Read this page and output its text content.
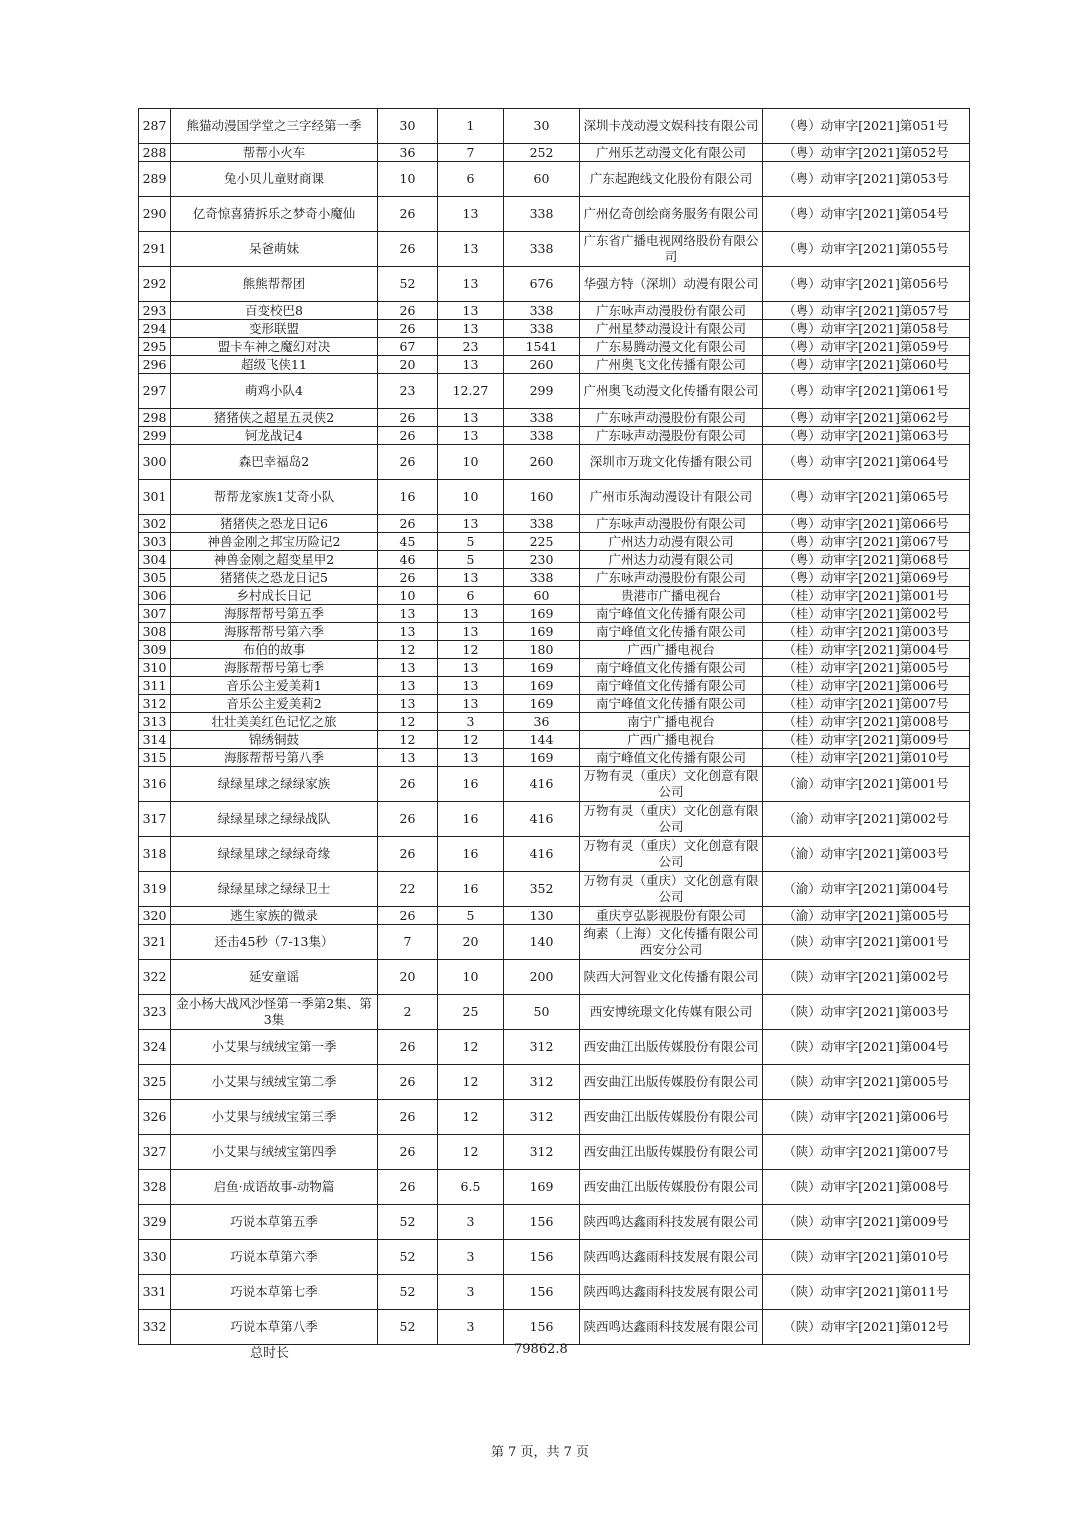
287	熊猫动漫国学堂之三字经第一季	30	1	30	深圳卡茂动漫文娱科技有限公司	（粤）动审字[2021]第051号
288	帮帮小火车	36	7	252	广州乐艺动漫文化有限公司	（粤）动审字[2021]第052号
289	兔小贝儿童财商课	10	6	60	广东起跑线文化股份有限公司	（粤）动审字[2021]第053号
290	亿奇惊喜猜拆乐之梦奇小魔仙	26	13	338	广州亿奇创绘商务服务有限公司	（粤）动审字[2021]第054号
291	呆爸萌妹	26	13	338	广东省广播电视网络股份有限公司	（粤）动审字[2021]第055号
292	熊熊帮帮团	52	13	676	华强方特（深圳）动漫有限公司	（粤）动审字[2021]第056号
293	百变校巴8	26	13	338	广东咏声动漫股份有限公司	（粤）动审字[2021]第057号
294	变形联盟	26	13	338	广州星梦动漫设计有限公司	（粤）动审字[2021]第058号
295	盟卡车神之魔幻对决	67	23	1541	广东易腾动漫文化有限公司	（粤）动审字[2021]第059号
296	超级飞侠11	20	13	260	广州奥飞文化传播有限公司	（粤）动审字[2021]第060号
297	萌鸡小队4	23	12.27	299	广州奥飞动漫文化传播有限公司	（粤）动审字[2021]第061号
298	猪猪侠之超星五灵侠2	26	13	338	广东咏声动漫股份有限公司	（粤）动审字[2021]第062号
299	钶龙战记4	26	13	338	广东咏声动漫股份有限公司	（粤）动审字[2021]第063号
300	森巴幸福岛2	26	10	260	深圳市万珑文化传播有限公司	（粤）动审字[2021]第064号
301	帮帮龙家族1艾奇小队	16	10	160	广州市乐淘动漫设计有限公司	（粤）动审字[2021]第065号
302	猪猪侠之恐龙日记6	26	13	338	广东咏声动漫股份有限公司	（粤）动审字[2021]第066号
303	神兽金刚之邦宝历险记2	45	5	225	广州达力动漫有限公司	（粤）动审字[2021]第067号
304	神兽金刚之超变星甲2	46	5	230	广州达力动漫有限公司	（粤）动审字[2021]第068号
305	猪猪侠之恐龙日记5	26	13	338	广东咏声动漫股份有限公司	（粤）动审字[2021]第069号
306	乡村成长日记	10	6	60	贵港市广播电视台	（桂）动审字[2021]第001号
307	海豚帮帮号第五季	13	13	169	南宁峰值文化传播有限公司	（桂）动审字[2021]第002号
308	海豚帮帮号第六季	13	13	169	南宁峰值文化传播有限公司	（桂）动审字[2021]第003号
309	布伯的故事	12	12	180	广西广播电视台	（桂）动审字[2021]第004号
310	海豚帮帮号第七季	13	13	169	南宁峰值文化传播有限公司	（桂）动审字[2021]第005号
311	音乐公主爱美莉1	13	13	169	南宁峰值文化传播有限公司	（桂）动审字[2021]第006号
312	音乐公主爱美莉2	13	13	169	南宁峰值文化传播有限公司	（桂）动审字[2021]第007号
313	壮壮美美红色记忆之旅	12	3	36	南宁广播电视台	（桂）动审字[2021]第008号
314	锦绣铜鼓	12	12	144	广西广播电视台	（桂）动审字[2021]第009号
315	海豚帮帮号第八季	13	13	169	南宁峰值文化传播有限公司	（桂）动审字[2021]第010号
316	绿绿星球之绿绿家族	26	16	416	万物有灵（重庆）文化创意有限公司	（渝）动审字[2021]第001号
317	绿绿星球之绿绿战队	26	16	416	万物有灵（重庆）文化创意有限公司	（渝）动审字[2021]第002号
318	绿绿星球之绿绿奇缘	26	16	416	万物有灵（重庆）文化创意有限公司	（渝）动审字[2021]第003号
319	绿绿星球之绿绿卫士	22	16	352	万物有灵（重庆）文化创意有限公司	（渝）动审字[2021]第004号
320	逃生家族的微录	26	5	130	重庆亨弘影视股份有限公司	（渝）动审字[2021]第005号
321	还击45秒（7-13集）	7	20	140	绚素（上海）文化传播有限公司西安分公司	（陕）动审字[2021]第001号
322	延安童谣	20	10	200	陕西大河智业文化传播有限公司	（陕）动审字[2021]第002号
323	金小杨大战风沙怪第一季第2集、第3集	2	25	50	西安博统璟文化传媒有限公司	（陕）动审字[2021]第003号
324	小艾果与绒绒宝第一季	26	12	312	西安曲江出版传媒股份有限公司	（陕）动审字[2021]第004号
325	小艾果与绒绒宝第二季	26	12	312	西安曲江出版传媒股份有限公司	（陕）动审字[2021]第005号
326	小艾果与绒绒宝第三季	26	12	312	西安曲江出版传媒股份有限公司	（陕）动审字[2021]第006号
327	小艾果与绒绒宝第四季	26	12	312	西安曲江出版传媒股份有限公司	（陕）动审字[2021]第007号
328	启鱼·成语故事-动物篇	26	6.5	169	西安曲江出版传媒股份有限公司	（陕）动审字[2021]第008号
329	巧说本草第五季	52	3	156	陕西鸣达鑫雨科技发展有限公司	（陕）动审字[2021]第009号
330	巧说本草第六季	52	3	156	陕西鸣达鑫雨科技发展有限公司	（陕）动审字[2021]第010号
331	巧说本草第七季	52	3	156	陕西鸣达鑫雨科技发展有限公司	（陕）动审字[2021]第011号
332	巧说本草第八季	52	3	156	陕西鸣达鑫雨科技发展有限公司	（陕）动审字[2021]第012号
总时长	79862.8
第 7 页，共 7 页
